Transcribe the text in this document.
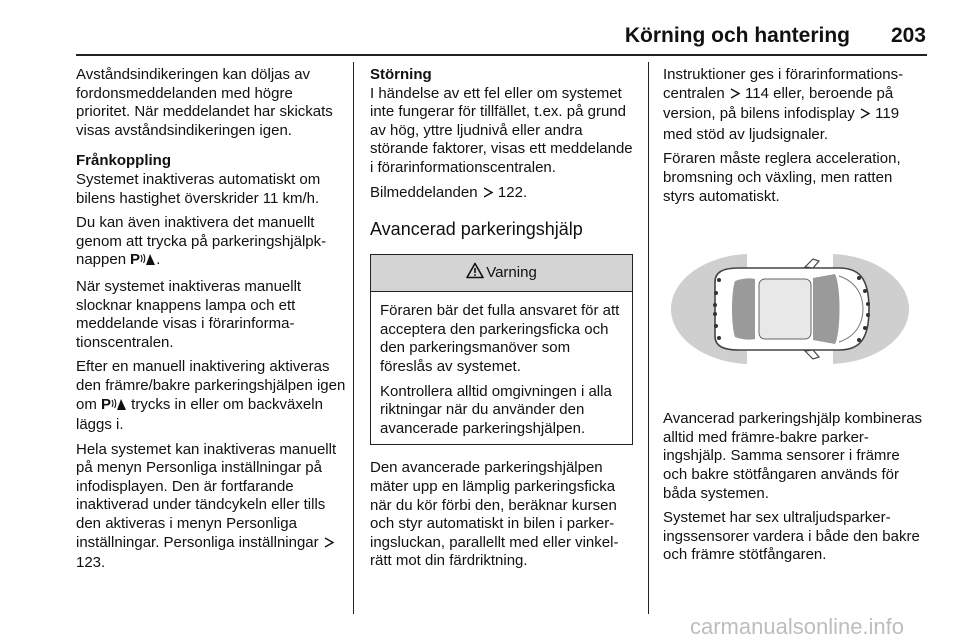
Körning och hantering	203

Avståndsindikeringen kan döljas av fordonsmeddelanden med högre prioritet. När meddelandet har skickats visas avståndsindikeringen igen.

Frånkoppling

Systemet inaktiveras automatiskt om bilens hastighet överskrider 11 km/h.

Du kan även inaktivera det manuellt genom att trycka på parkeringshjälpknappen P .

När systemet inaktiveras manuellt slocknar knappens lampa och ett meddelande visas i förarinformationscentralen.

Efter en manuell inaktivering aktiveras den främre/bakre parkeringshjälpen igen om P trycks in eller om backväxeln läggs i.

Hela systemet kan inaktiveras manuellt på menyn Personliga inställningar på infodisplayen. Den är fortfarande inaktiverad under tändcykeln eller tills den aktiveras i menyn Personliga inställningar. Personliga inställningar  123.

Störning

I händelse av ett fel eller om systemet inte fungerar för tillfället, t.ex. på grund av hög, yttre ljudnivå eller andra störande faktorer, visas ett meddelande i förarinformationscentralen.

Bilmeddelanden  122.

Avancerad parkeringshjälp
Varning

Föraren bär det fulla ansvaret för att acceptera den parkeringsficka och den parkeringsmanöver som föreslås av systemet.

Kontrollera alltid omgivningen i alla riktningar när du använder den avancerade parkeringshjälpen.

Den avancerade parkeringshjälpen mäter upp en lämplig parkeringsficka när du kör förbi den, beräknar kursen och styr automatiskt in bilen i parkeringsluckan, parallellt med eller vinkelrätt mot din färdriktning.

Instruktioner ges i förarinformationscentralen  114 eller, beroende på version, på bilens infodisplay  119 med stöd av ljudsignaler.

Föraren måste reglera acceleration, bromsning och växling, men ratten styrs automatiskt.

Avancerad parkeringshjälp kombineras alltid med främre-bakre parkeringshjälp. Samma sensorer i främre och bakre stötfångaren används för båda systemen.

Systemet har sex ultraljudsparkeringssensorer vardera i både den bakre och främre stötfångaren.

carmanualsonline.info
